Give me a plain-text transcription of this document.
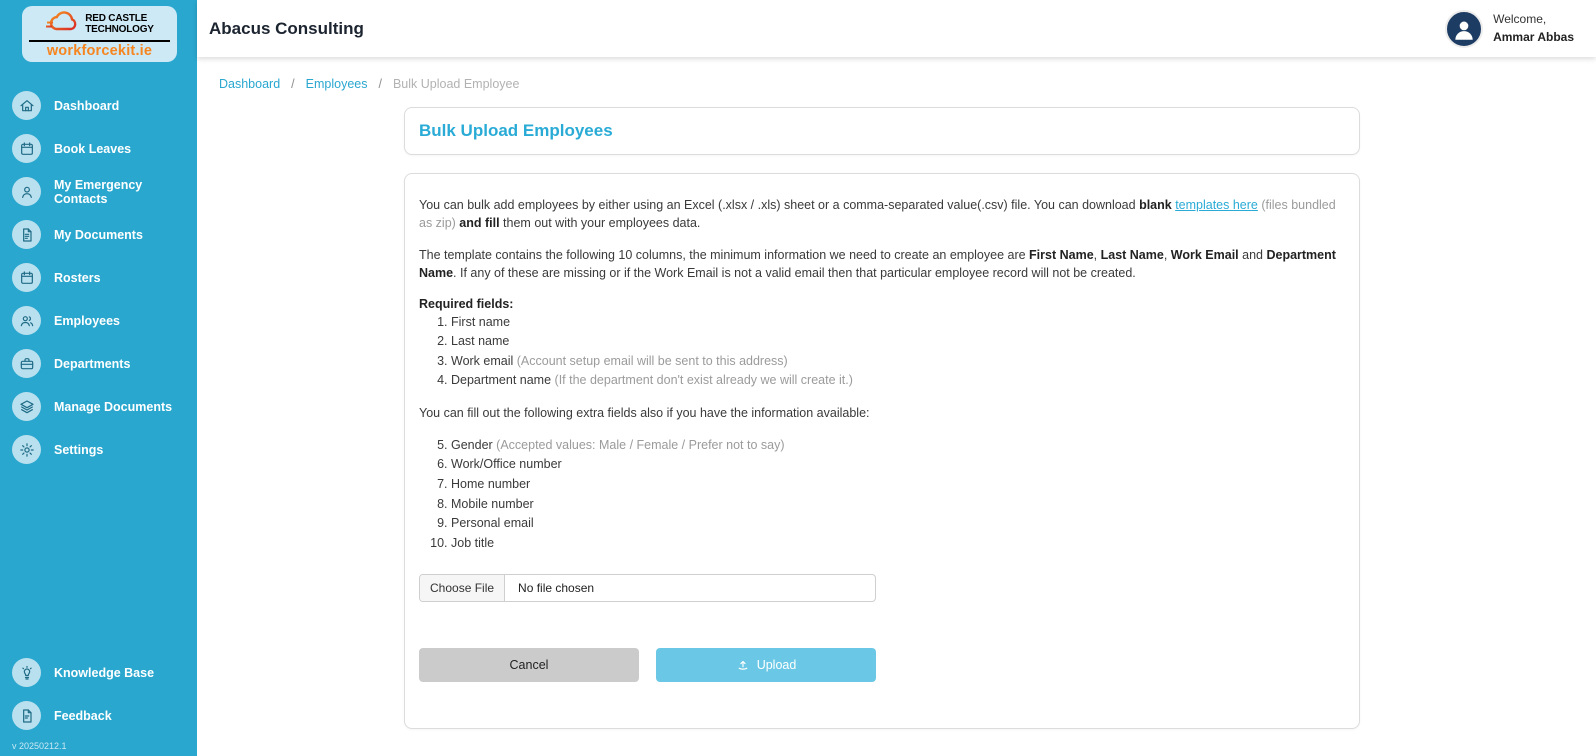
RED CASTLE
TECHNOLOGY
workforcekit.ie
Dashboard
Book Leaves
My Emergency Contacts
My Documents
Rosters
Employees
Departments
Manage Documents
Settings
Knowledge Base
Feedback
v 20250212.1
Abacus Consulting	Welcome,
Ammar Abbas
Dashboard / Employees / Bulk Upload Employee
Bulk Upload Employees

You can bulk add employees by either using an Excel (.xlsx / .xls) sheet or a comma-separated value(.csv) file. You can download blank templates here (files bundled as zip) and fill them out with your employees data.

The template contains the following 10 columns, the minimum information we need to create an employee are First Name, Last Name, Work Email and Department Name. If any of these are missing or if the Work Email is not a valid email then that particular employee record will not be created.

Required fields:
1. First name
2. Last name
3. Work email (Account setup email will be sent to this address)
4. Department name (If the department don't exist already we will create it.)

You can fill out the following extra fields also if you have the information available:

5. Gender (Accepted values: Male / Female / Prefer not to say)
6. Work/Office number
7. Home number
8. Mobile number
9. Personal email
10. Job title
Choose File	No file chosen
Cancel	Upload
